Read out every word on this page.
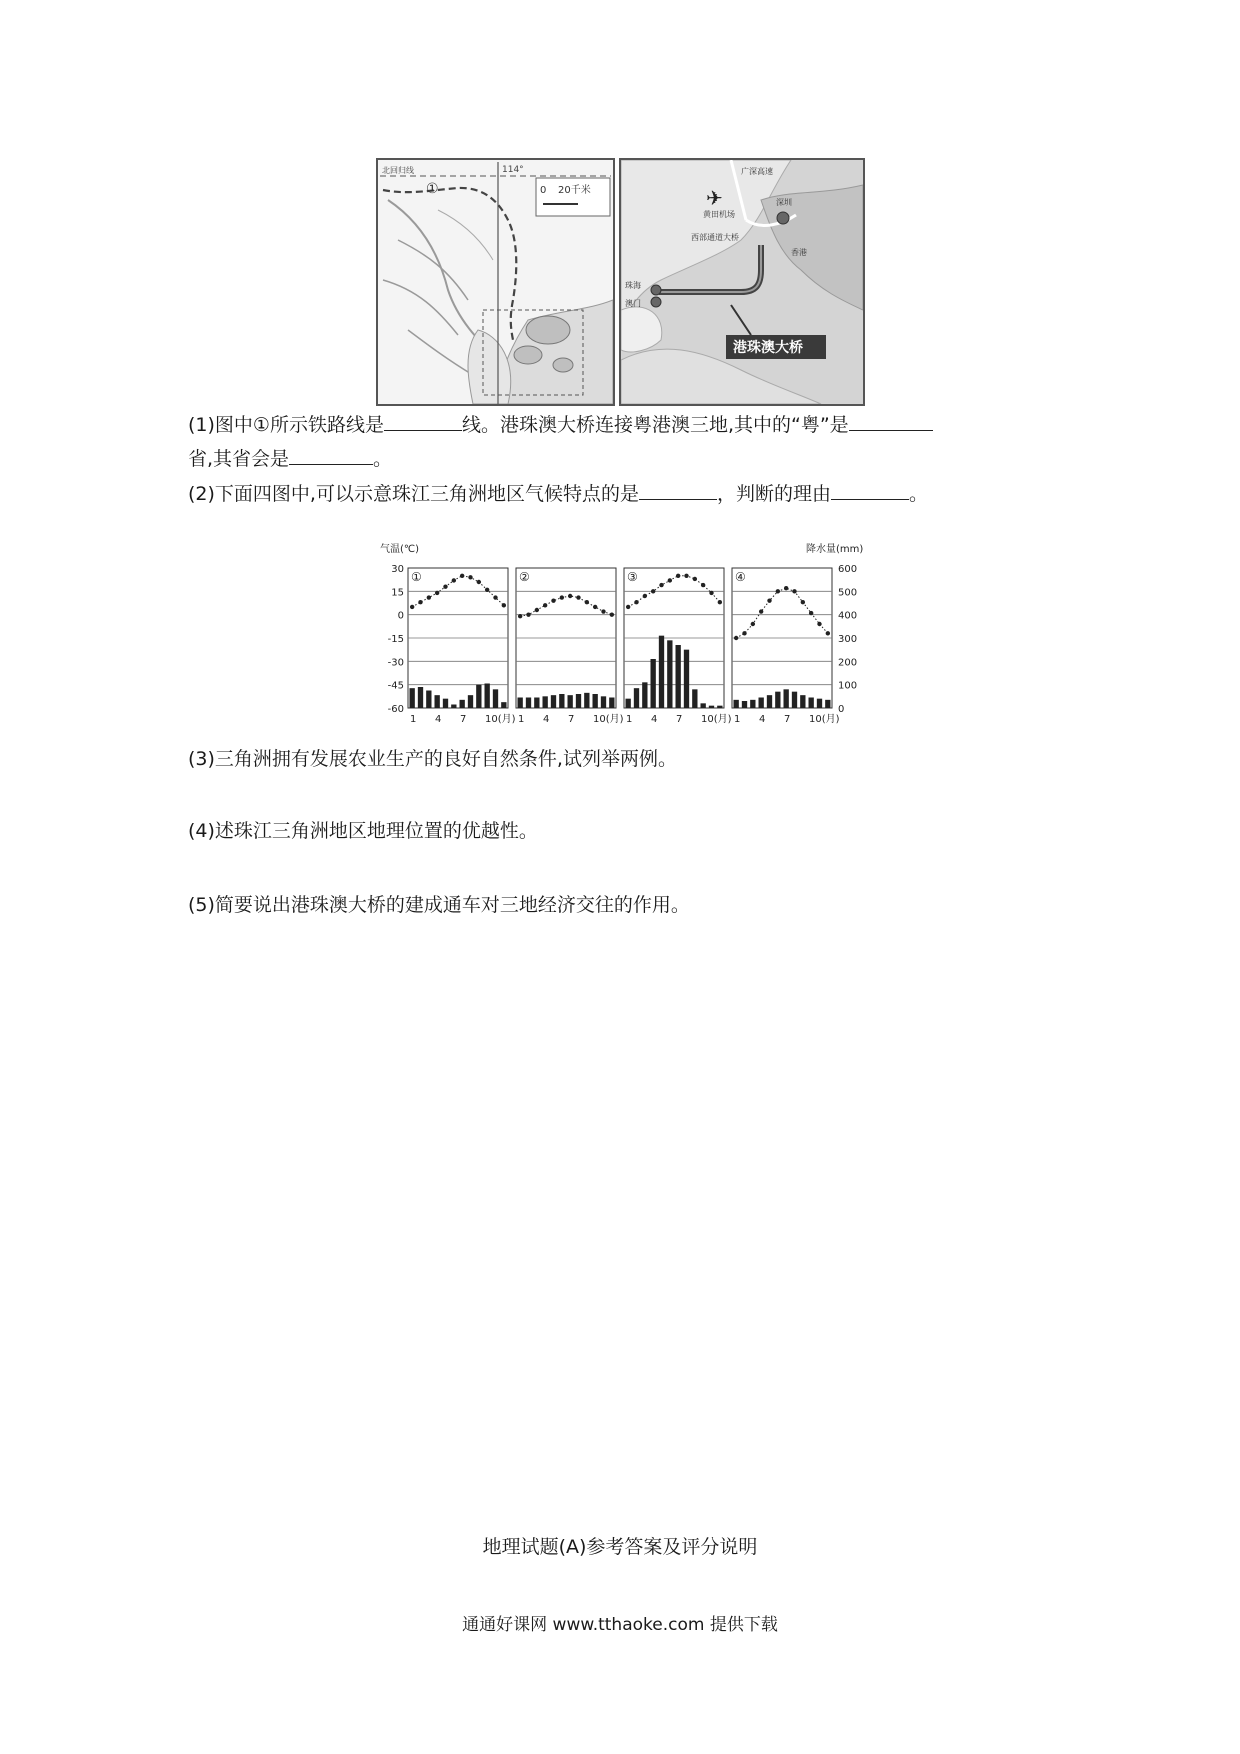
0 20千米
北回归线	114°
①	✈
广深高速
黄田机场
深圳
西部通道大桥
香港
珠海
澳门
港珠澳大桥
(1)图中①所示铁路线是	线。港珠澳大桥连接粤港澳三地,其中的“粤”是
省,其省会是	。
(2)下面四图中,可以示意珠江三角洲地区气候特点的是	，判断的理由	。
气温(℃)	降水量(mm)
30
15
0
-15
-30
-45
-60
600
500
400
300
200
100
0
①
1 4 7 10(月)
②
1 4 7 10(月)
③
1 4 7 10(月)
④
1 4 7 10(月)
(3)三角洲拥有发展农业生产的良好自然条件,试列举两例。
(4)述珠江三角洲地区地理位置的优越性。
(5)简要说出港珠澳大桥的建成通车对三地经济交往的作用。
地理试题(A)参考答案及评分说明
通通好课网 www.tthaoke.com 提供下载
